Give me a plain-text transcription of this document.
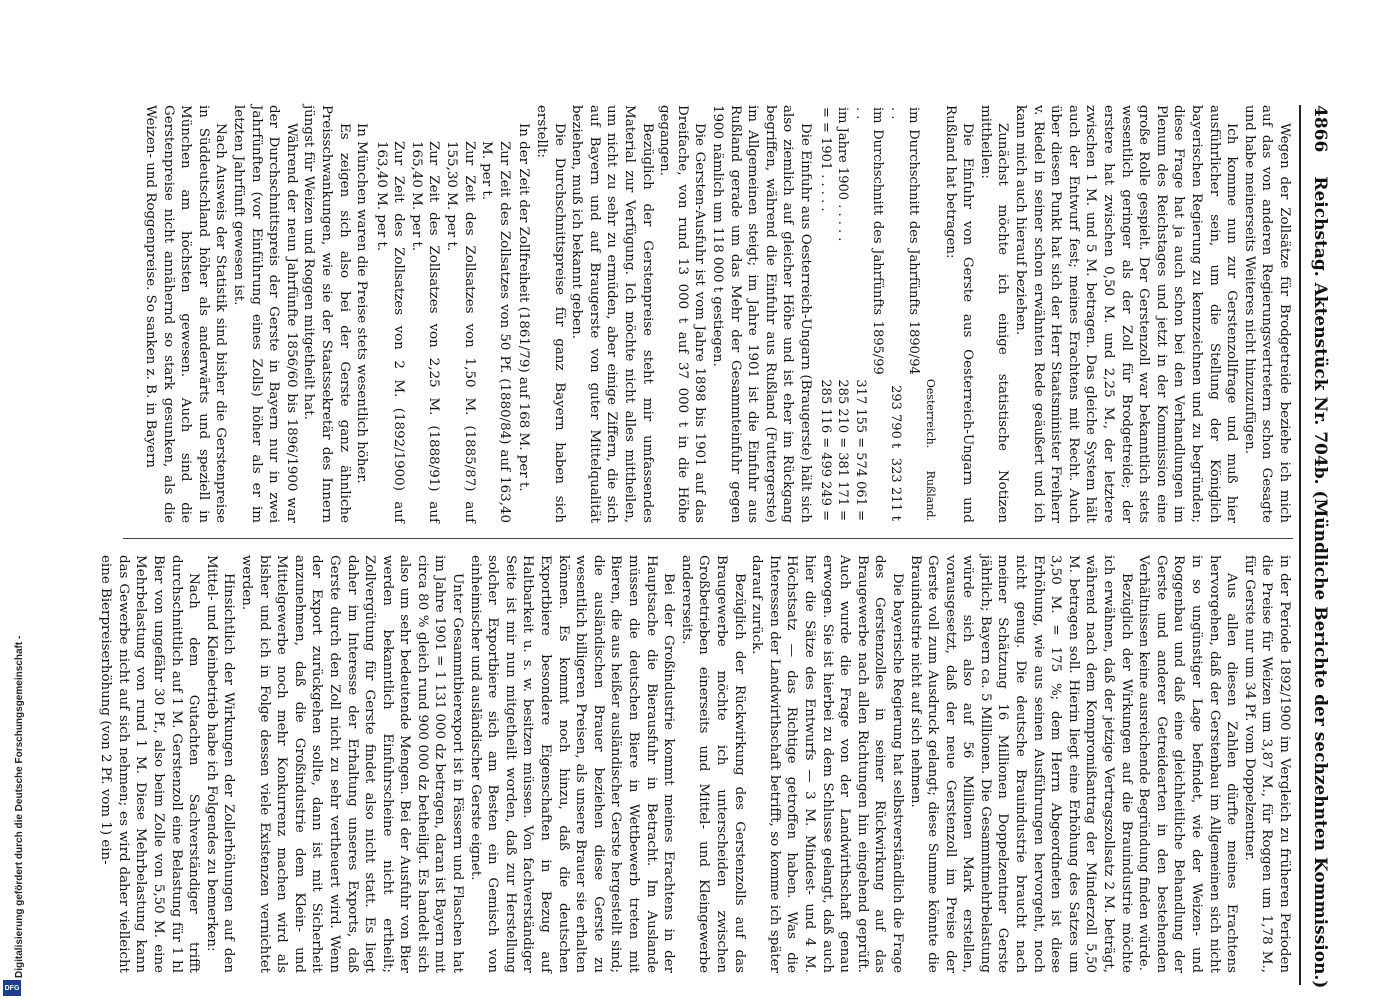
Digitalisierung gefördert durch die Deutsche Forschungsgemeinschaft -
DFG
4866
Reichstag. Aktenstück Nr. 704b. (Mündliche Berichte der sechzehnten Kommission.)

Wegen der Zollsätze für Brodgetreide beziehe ich mich auf das von anderen Regierungsvertretern schon Gesagte und habe meinerseits Weiteres nicht hinzuzufügen.

Ich komme nun zur Gerstenzollfrage und muß hier ausführlicher sein, um die Stellung der Königlich bayerischen Regierung zu kennzeichnen und zu begründen; diese Frage hat ja auch schon bei den Verhandlungen im Plenum des Reichstages und jetzt in der Kommission eine große Rolle gespielt. Der Gerstenzoll war bekanntlich stets wesentlich geringer als der Zoll für Brodgetreide; der erstere hat zwischen 0,50 M. und 2,25 M., der letztere zwischen 1 M. und 5 M. betragen. Das gleiche System hält auch der Entwurf fest; meines Erachtens mit Recht. Auch über diesen Punkt hat sich der Herr Staatsminister Freiherr v. Riedel in seiner schon erwähnten Rede geäußert und ich kann mich auch hierauf beziehen.

Zunächst möchte ich einige statistische Notizen mittheilen:

Die Einfuhr von Gerste aus Oesterreich-Ungarn und Rußland hat betragen:

	Oesterreich.	Rußland.
im Durchschnitt des Jahrfünfts 1890/94 . .	293 790 t	323 211 t
im Durchschnitt des Jahrfünfts 1895/99 . .	317 155 =	574 061 =
im Jahre 1900 . . . . .	285 210 =	381 171 =
= = 1901 . . . . .	285 116 =	499 249 =

Die Einfuhr aus Oesterreich-Ungarn (Braugerste) hält sich also ziemlich auf gleicher Höhe und ist eher im Rückgang begriffen, während die Einfuhr aus Rußland (Futtergerste) im Allgemeinen steigt; im Jahre 1901 ist die Einfuhr aus Rußland gerade um das Mehr der Gesammteinfuhr gegen 1900 nämlich um 118 000 t gestiegen.

Die Gersten-Ausfuhr ist vom Jahre 1898 bis 1901 auf das Dreifache, von rund 13 000 t auf 37 000 t in die Höhe gegangen.

Bezüglich der Gerstenpreise steht mir umfassendes Material zur Verfügung. Ich möchte nicht alles mittheilen, um nicht zu sehr zu ermüden, aber einige Ziffern, die sich auf Bayern und auf Braugerste von guter Mittelqualität beziehen, muß ich bekannt geben.

Die Durchschnittspreise für ganz Bayern haben sich erstellt:

In der Zeit der Zollfreiheit (1861/79) auf 168 M. per t.

Zur Zeit des Zollsatzes von 50 Pf. (1880/84) auf 163,40 M. per t.
Zur Zeit des Zollsatzes von 1,50 M. (1885/87) auf 155,30 M. per t.
Zur Zeit des Zollsatzes von 2,25 M. (1888/91) auf 165,40 M. per t.
Zur Zeit des Zollsatzes von 2 M. (1892/1900) auf 163,40 M. per t.

In München waren die Preise stets wesentlich höher.

Es zeigen sich also bei der Gerste ganz ähnliche Preisschwankungen, wie sie der Staatssekretär des Innern jüngst für Weizen und Roggen mitgetheilt hat.

Während der neun Jahrfünfte 1856/60 bis 1896/1900 war der Durchschnittspreis der Gerste in Bayern nur in zwei Jahrfünften (vor Einführung eines Zolls) höher als er im letzten Jahrfünft gewesen ist.

Nach Ausweis der Statistik sind bisher die Gerstenpreise in Süddeutschland höher als anderwärts und speziell in München am höchsten gewesen. Auch sind die Gerstenpreise nicht annähernd so stark gesunken, als die Weizen- und Roggenpreise. So sanken z. B. in Bayern

in der Periode 1892/1900 im Vergleich zu früheren Perioden die Preise für Weizen um 3,87 M., für Roggen um 1,78 M., für Gerste nur um 34 Pf. vom Doppelzentner.

Aus allen diesen Zahlen dürfte meines Erachtens hervorgehen, daß der Gerstenbau im Allgemeinen sich nicht in so ungünstiger Lage befindet, wie der Weizen- und Roggenbau und daß eine gleichheitliche Behandlung der Gerste und anderer Getreidearten in den bestehenden Verhältnissen keine ausreichende Begründung finden würde.

Bezüglich der Wirkungen auf die Brauindustrie möchte ich erwähnen, daß der jetzige Vertragszollsatz 2 M. beträgt, während nach dem Kompromißantrag der Minderzoll 5,50 M. betragen soll. Hierin liegt eine Erhöhung des Satzes um 3,50 M. = 175 %; dem Herrn Abgeordneten ist diese Erhöhung, wie aus seinen Ausführungen hervorgeht, noch nicht genug. Die deutsche Brauindustrie braucht nach meiner Schätzung 16 Millionen Doppelzentner Gerste jährlich; Bayern ca. 5 Millionen. Die Gesammtmehrbelastung würde sich also auf 56 Millionen Mark erstellen, vorausgesetzt, daß der neue Gerstenzoll im Preise der Gerste voll zum Ausdruck gelangt; diese Summe könnte die Brauindustrie nicht auf sich nehmen.

Die bayerische Regierung hat selbstverständlich die Frage des Gerstenzolles in seiner Rückwirkung auf das Braugewerbe nach allen Richtungen hin eingehend geprüft. Auch wurde die Frage von der Landwirthschaft genau erwogen. Sie ist hierbei zu dem Schlusse gelangt, daß auch hier die Sätze des Entwurfs — 3 M. Mindest- und 4 M. Höchstsatz — das Richtige getroffen haben. Was die Interessen der Landwirthschaft betrifft, so komme ich später darauf zurück.

Bezüglich der Rückwirkung des Gerstenzolls auf das Braugewerbe möchte ich unterscheiden zwischen Großbetrieben einerseits und Mittel- und Kleingewerbe andererseits.

Bei der Großindustrie kommt meines Erachtens in der Hauptsache die Bierausfuhr in Betracht. Im Auslande müssen die deutschen Biere in Wettbewerb treten mit Bieren, die aus heißer ausländischer Gerste hergestellt sind; die ausländischen Brauer beziehen diese Gerste zu wesentlich billigeren Preisen, als unsere Brauer sie erhalten können. Es kommt noch hinzu, daß die deutschen Exportbiere besondere Eigenschaften in Bezug auf Haltbarkeit u. s. w. besitzen müssen. Von fachverständiger Seite ist mir nun mitgetheilt worden, daß zur Herstellung solcher Exportbiere sich am Besten ein Gemisch von einheimischer und ausländischer Gerste eignet.

Unter Gesammtbierexport ist in Fässern und Flaschen hat im Jahre 1901 = 1 131 000 dz betragen, daran ist Bayern mit circa 80 % gleich rund 900 000 dz betheiligt. Es handelt sich also um sehr bedeutende Mengen. Bei der Ausfuhr von Bier werden bekanntlich Einfuhrscheine nicht ertheilt; Zollvergütung für Gerste findet also nicht statt. Es liegt daher im Interesse der Erhaltung unseres Exports, daß Gerste durch den Zoll nicht zu sehr vertheuert wird. Wenn der Export zurückgehen sollte, dann ist mit Sicherheit anzunehmen, daß die Großindustrie dem Klein- und Mittelgewerbe noch mehr Konkurrenz machen wird als bisher und ich in Folge dessen viele Existenzen vernichtet werden.

Hinsichtlich der Wirkungen der Zollerhöhungen auf den Mittel- und Kleinbetrieb habe ich Folgendes zu bemerken:

Nach dem Gutachten Sachverständiger trifft durchschnittlich auf 1 M. Gerstenzoll eine Belastung für 1 hl Bier von ungefähr 30 Pf., also beim Zolle von 5,50 M. eine Mehrbelastung von rund 1 M. Diese Mehrbelastung kann das Gewerbe nicht auf sich nehmen; es wird daher vielleicht eine Bierpreiserhöhung (von 2 Pf. vom 1) ein-
